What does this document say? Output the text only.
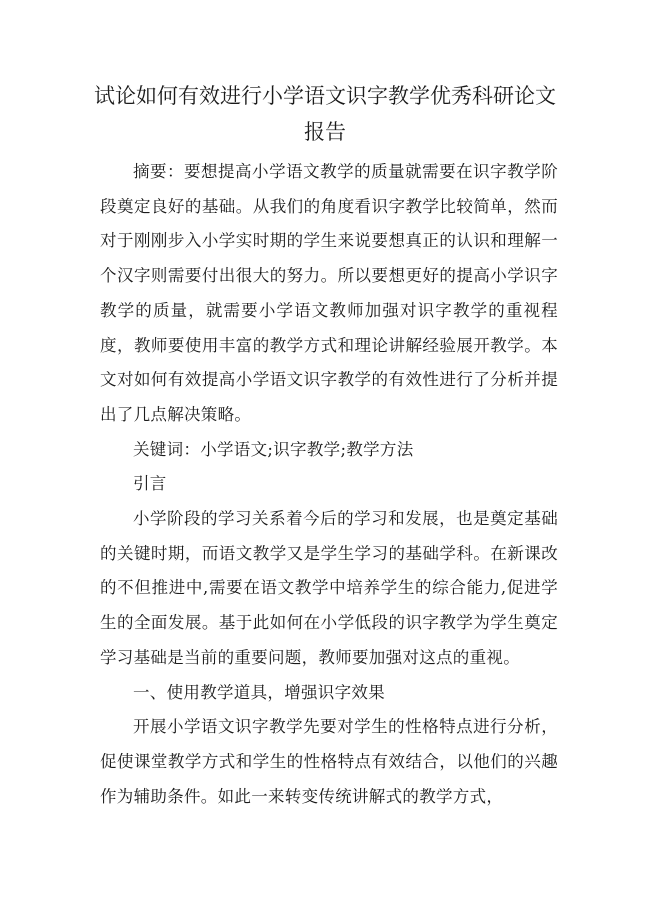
试论如何有效进行小学语文识字教学优秀科研论文报告

摘要：要想提高小学语文教学的质量就需要在识字教学阶段奠定良好的基础。从我们的角度看识字教学比较简单，然而对于刚刚步入小学实时期的学生来说要想真正的认识和理解一个汉字则需要付出很大的努力。所以要想更好的提高小学识字教学的质量，就需要小学语文教师加强对识字教学的重视程度，教师要使用丰富的教学方式和理论讲解经验展开教学。本文对如何有效提高小学语文识字教学的有效性进行了分析并提出了几点解决策略。

关键词：小学语文;识字教学;教学方法

引言

小学阶段的学习关系着今后的学习和发展，也是奠定基础的关键时期，而语文教学又是学生学习的基础学科。在新课改的不但推进中,需要在语文教学中培养学生的综合能力,促进学生的全面发展。基于此如何在小学低段的识字教学为学生奠定学习基础是当前的重要问题，教师要加强对这点的重视。

一、使用教学道具，增强识字效果

开展小学语文识字教学先要对学生的性格特点进行分析，促使课堂教学方式和学生的性格特点有效结合，以他们的兴趣作为辅助条件。如此一来转变传统讲解式的教学方式，
